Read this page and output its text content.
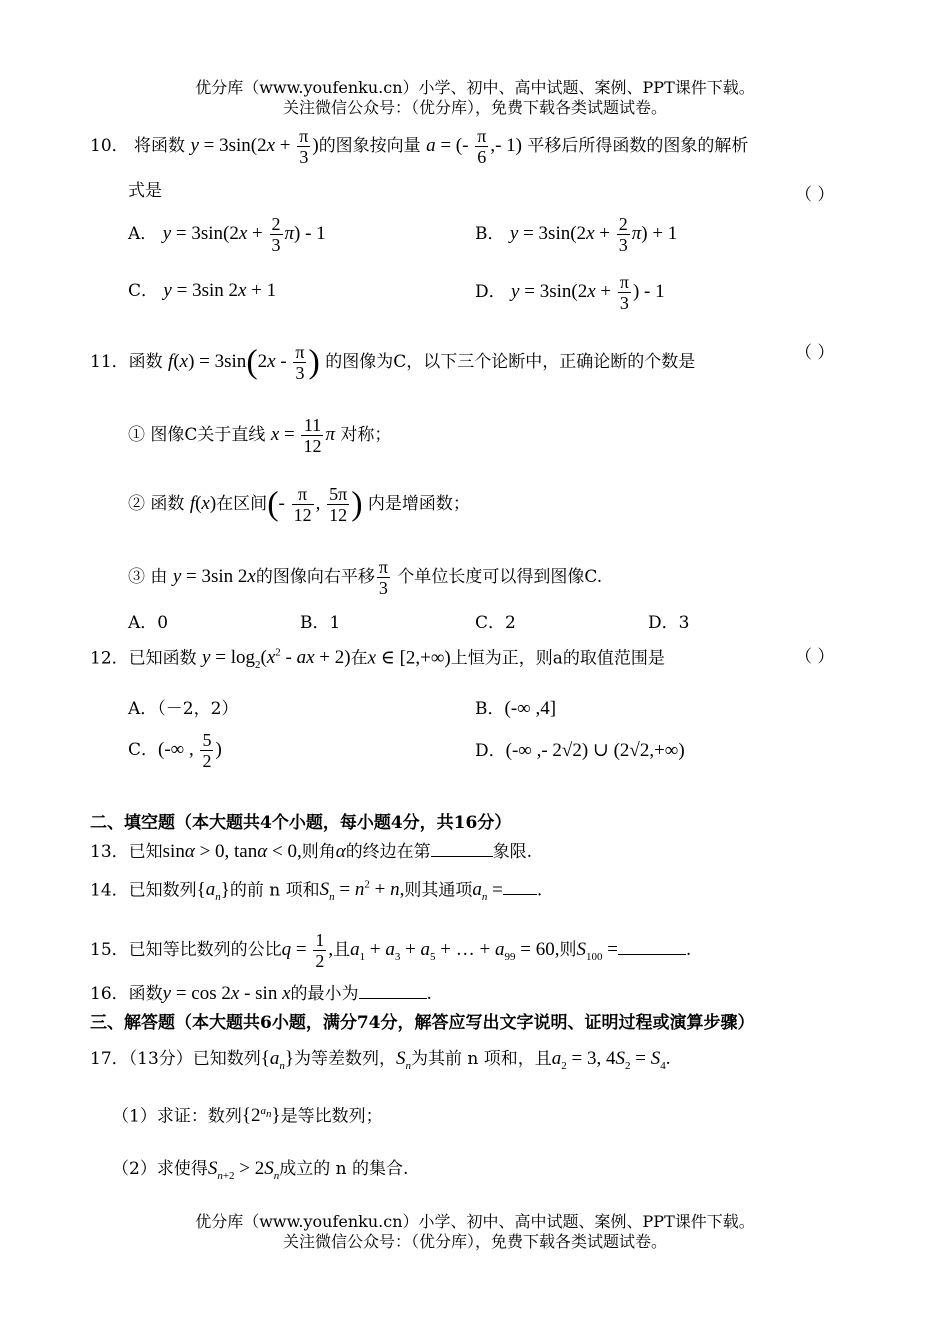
优分库（www.youfenku.cn）小学、初中、高中试题、案例、PPT课件下载。
关注微信公众号：（优分库），免费下载各类试题试卷。
10． 将函数 $y = 3\sin(2x + \frac{\pi}{3}$ )的图象按向量 a = (- $\frac{\pi}{6}$ ,- 1) 平移后所得函数的图象的解析
式是	（ ）
A． $y = 3\sin(2x + \frac{2}{3} \pi) - 1$	B． $y = 3\sin(2x + \frac{2}{3} \pi) + 1$
C． y = 3sin 2x + 1	D． $y = 3\sin(2x + \frac{\pi}{3}$ ) - 1
11．函数 $f(x) = 3\sin(2x - \frac{\pi}{3}$ ) 的图像为C，以下三个论断中，正确论断的个数是	（ ）
① 图像C关于直线 $x = \frac{11}{12}$ π 对称；
② 函数 f(x)在区间(- $\frac{\pi}{12}$ , $\frac{5\pi}{12}$ ) 内是增函数；
③ 由 y = 3sin 2x的图像向右平移 $\frac{\pi}{3}$ 个单位长度可以得到图像C.
A．0	B．1	C．2	D．3
12．已知函数 $y = \log_2(x^2$ - ax + 2)在x ∈ [2,+∞)上恒为正，则a的取值范围是	（ ）
A．（－2，2）	B．(-∞ ,4]
C．(-∞ , $\frac{5}{2}$ )	D．(-∞ ,- 2√2) ∪ (2√2,+∞)
二、填空题（本大题共4个小题，每小题4分，共16分）
13．已知sinα > 0, tanα < 0,则角α的终边在第	象限.
14．已知数列$\{a_n\}$的前 n 项和$S_n = n^2 + n$,则其通项$a_n$ = .
15．已知等比数列的公比$q = \frac{1}{2}$ ,且$a_1 + a_3 + a_5$ + … + $a_{99} = 60$,则$S_{100}$ =	.
16．函数y = cos 2x - sin x的最小为	.
三、解答题（本大题共6小题，满分74分，解答应写出文字说明、证明过程或演算步骤）
17．（13分）已知数列$\{a_n\}$为等差数列，$S_n$为其前 n 项和，且$a_2 = 3$, $4S_2 = S_4$.
（1）求证：数列$\{2^{a_n}\}$是等比数列；
（2）求使得$S_{n+2} > 2S_n$成立的 n 的集合.
优分库（www.youfenku.cn）小学、初中、高中试题、案例、PPT课件下载。
关注微信公众号：（优分库），免费下载各类试题试卷。
